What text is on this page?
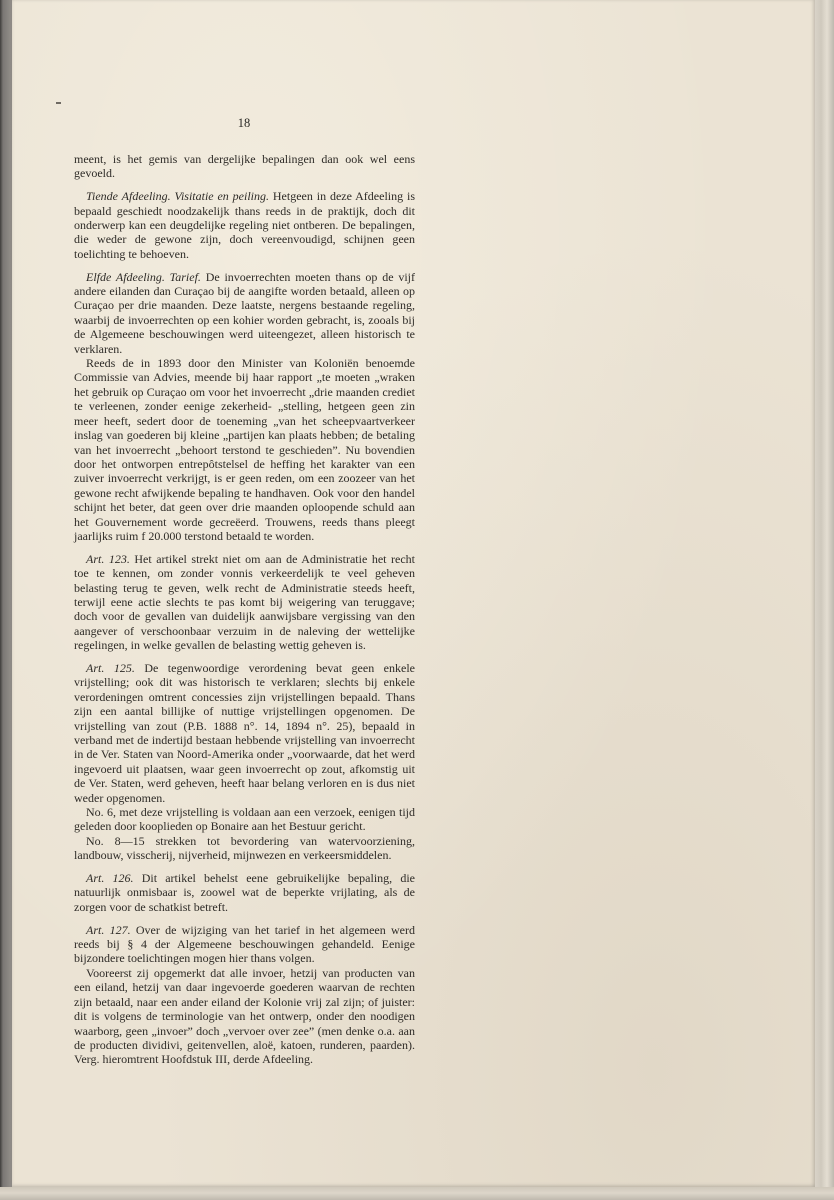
18

meent, is het gemis van dergelijke bepalingen dan ook wel eens gevoeld.

Tiende Afdeeling. Visitatie en peiling. Hetgeen in deze Afdeeling is bepaald geschiedt noodzakelijk thans reeds in de praktijk, doch dit onderwerp kan een deugdelijke regeling niet ontberen. De bepalingen, die weder de gewone zijn, doch vereenvoudigd, schijnen geen toelichting te behoeven.

Elfde Afdeeling. Tarief. De invoerrechten moeten thans op de vijf andere eilanden dan Curaçao bij de aangifte worden betaald, alleen op Curaçao per drie maanden. Deze laatste, nergens bestaande regeling, waarbij de invoerrechten op een kohier worden gebracht, is, zooals bij de Algemeene beschouwingen werd uiteengezet, alleen historisch te verklaren.

Reeds de in 1893 door den Minister van Koloniën benoemde Commissie van Advies, meende bij haar rapport „te moeten „wraken het gebruik op Curaçao om voor het invoerrecht „drie maanden crediet te verleenen, zonder eenige zekerheid- „stelling, hetgeen geen zin meer heeft, sedert door de toeneming „van het scheepvaartverkeer inslag van goederen bij kleine „partijen kan plaats hebben; de betaling van het invoerrecht „behoort terstond te geschieden”. Nu bovendien door het ontworpen entrepôtstelsel de heffing het karakter van een zuiver invoerrecht verkrijgt, is er geen reden, om een zoozeer van het gewone recht afwijkende bepaling te handhaven. Ook voor den handel schijnt het beter, dat geen over drie maanden oploopende schuld aan het Gouvernement worde gecreëerd. Trouwens, reeds thans pleegt jaarlijks ruim f 20.000 terstond betaald te worden.

Art. 123. Het artikel strekt niet om aan de Administratie het recht toe te kennen, om zonder vonnis verkeerdelijk te veel geheven belasting terug te geven, welk recht de Administratie steeds heeft, terwijl eene actie slechts te pas komt bij weigering van teruggave; doch voor de gevallen van duidelijk aanwijsbare vergissing van den aangever of verschoonbaar verzuim in de naleving der wettelijke regelingen, in welke gevallen de belasting wettig geheven is.

Art. 125. De tegenwoordige verordening bevat geen enkele vrijstelling; ook dit was historisch te verklaren; slechts bij enkele verordeningen omtrent concessies zijn vrijstellingen bepaald. Thans zijn een aantal billijke of nuttige vrijstellingen opgenomen. De vrijstelling van zout (P.B. 1888 n°. 14, 1894 n°. 25), bepaald in verband met de indertijd bestaan hebbende vrijstelling van invoerrecht in de Ver. Staten van Noord-Amerika onder „voorwaarde, dat het werd ingevoerd uit plaatsen, waar geen invoerrecht op zout, afkomstig uit de Ver. Staten, werd geheven, heeft haar belang verloren en is dus niet weder opgenomen.

No. 6, met deze vrijstelling is voldaan aan een verzoek, eenigen tijd geleden door kooplieden op Bonaire aan het Bestuur gericht.

No. 8—15 strekken tot bevordering van watervoorziening, landbouw, visscherij, nijverheid, mijnwezen en verkeersmiddelen.

Art. 126. Dit artikel behelst eene gebruikelijke bepaling, die natuurlijk onmisbaar is, zoowel wat de beperkte vrijlating, als de zorgen voor de schatkist betreft.

Art. 127. Over de wijziging van het tarief in het algemeen werd reeds bij § 4 der Algemeene beschouwingen gehandeld. Eenige bijzondere toelichtingen mogen hier thans volgen.

Vooreerst zij opgemerkt dat alle invoer, hetzij van producten van een eiland, hetzij van daar ingevoerde goederen waarvan de rechten zijn betaald, naar een ander eiland der Kolonie vrij zal zijn; of juister: dit is volgens de terminologie van het ontwerp, onder den noodigen waarborg, geen „invoer” doch „vervoer over zee” (men denke o.a. aan de producten dividivi, geitenvellen, aloë, katoen, runderen, paarden). Verg. hieromtrent Hoofdstuk III, derde Afdeeling.
